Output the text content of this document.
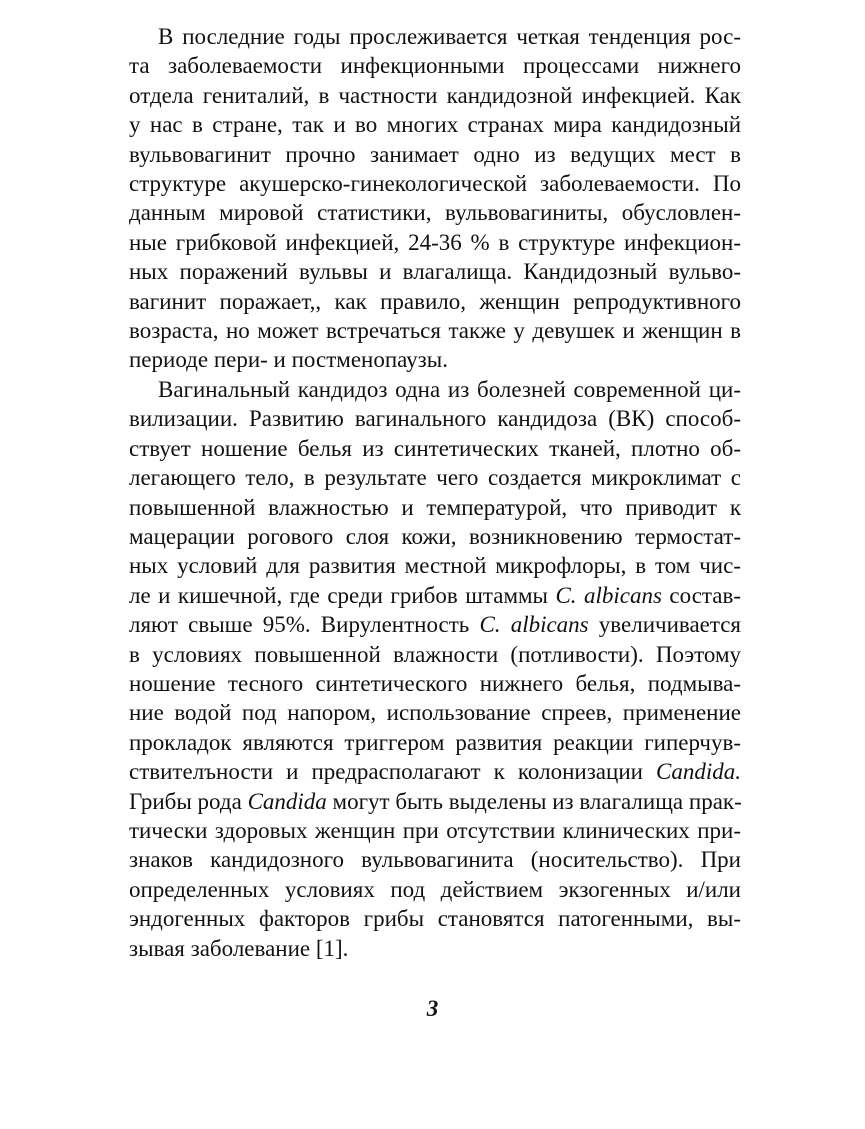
В последние годы прослеживается четкая тенденция рос-
та заболеваемости инфекционными процессами нижнего
отдела гениталий, в частности кандидозной инфекцией. Как
у нас в стране, так и во многих странах мира кандидозный
вульвовагинит прочно занимает одно из ведущих мест в
структуре акушерско-гинекологической заболеваемости. По
данным мировой статистики, вульвовагиниты, обусловлен-
ные грибковой инфекцией, 24-36 % в структуре инфекцион-
ных поражений вульвы и влагалища. Кандидозный вульво-
вагинит поражает,, как правило, женщин репродуктивного
возраста, но может встречаться также у девушек и женщин в
периоде пери- и постменопаузы.

Вагинальный кандидоз одна из болезней современной ци-
вилизации. Развитию вагинального кандидоза (ВК) способ-
ствует ношение белья из синтетических тканей, плотно об-
легающего тело, в результате чего создается микроклимат с
повышенной влажностью и температурой, что приводит к
мацерации рогового слоя кожи, возникновению термостат-
ных условий для развития местной микрофлоры, в том чис-
ле и кишечной, где среди грибов штаммы C. albicans состав-
ляют свыше 95%. Вирулентность C. albicans увеличивается
в условиях повышенной влажности (потливости). Поэтому
ношение тесного синтетического нижнего белья, подмыва-
ние водой под напором, использование спреев, применение
прокладок являются триггером развития реакции гиперчув-
ствителъности и предрасполагают к колонизации Candida.
Грибы рода Candida могут быть выделены из влагалища прак-
тически здоровых женщин при отсутствии клинических при-
знаков кандидозного вульвовагинита (носительство). При
определенных условиях под действием экзогенных и/или
эндогенных факторов грибы становятся патогенными, вы-
зывая заболевание [1].

3
